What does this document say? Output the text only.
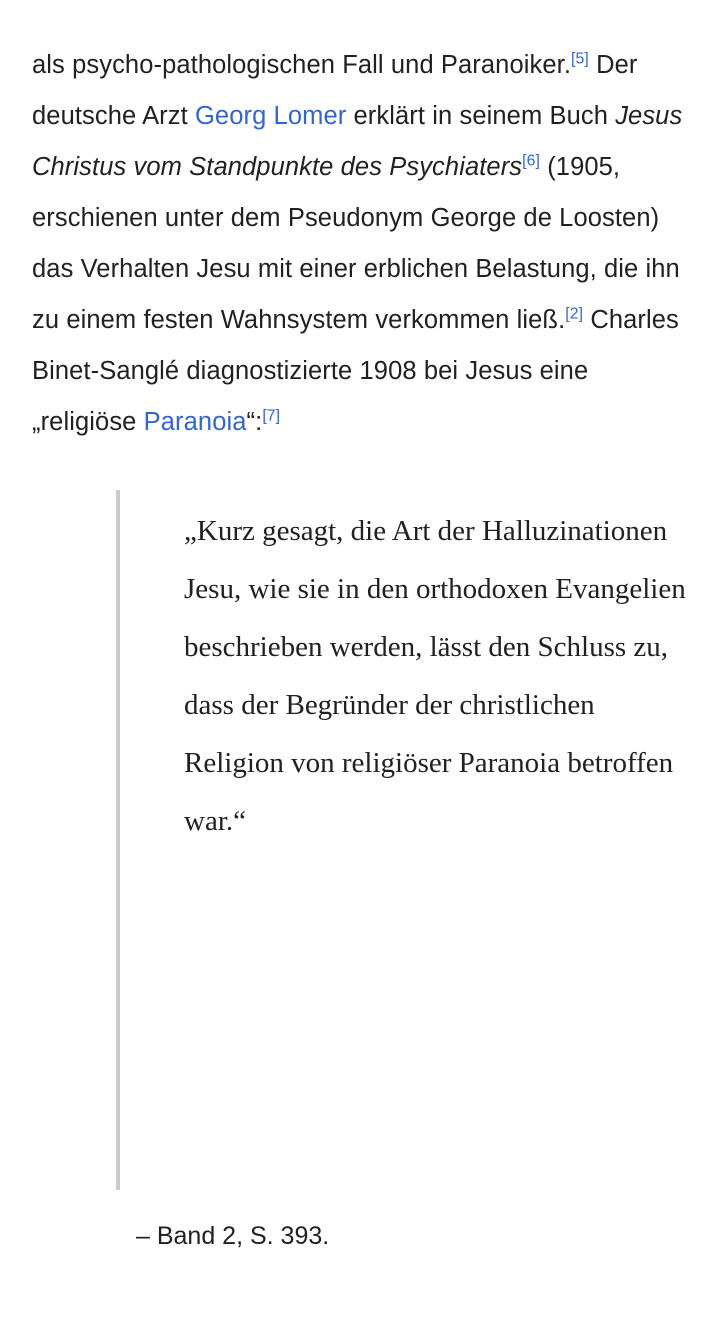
als psycho-pathologischen Fall und Paranoiker.[5] Der deutsche Arzt Georg Lomer erklärt in seinem Buch Jesus Christus vom Standpunkte des Psychiaters[6] (1905, erschienen unter dem Pseudonym George de Loosten) das Verhalten Jesu mit einer erblichen Belastung, die ihn zu einem festen Wahnsystem verkommen ließ.[2] Charles Binet-Sanglé diagnostizierte 1908 bei Jesus eine „religiöse Paranoia“:[7]

„Kurz gesagt, die Art der Halluzinationen Jesu, wie sie in den orthodoxen Evangelien beschrieben werden, lässt den Schluss zu, dass der Begründer der christlichen Religion von religiöser Paranoia betroffen war.“
– Band 2, S. 393.
